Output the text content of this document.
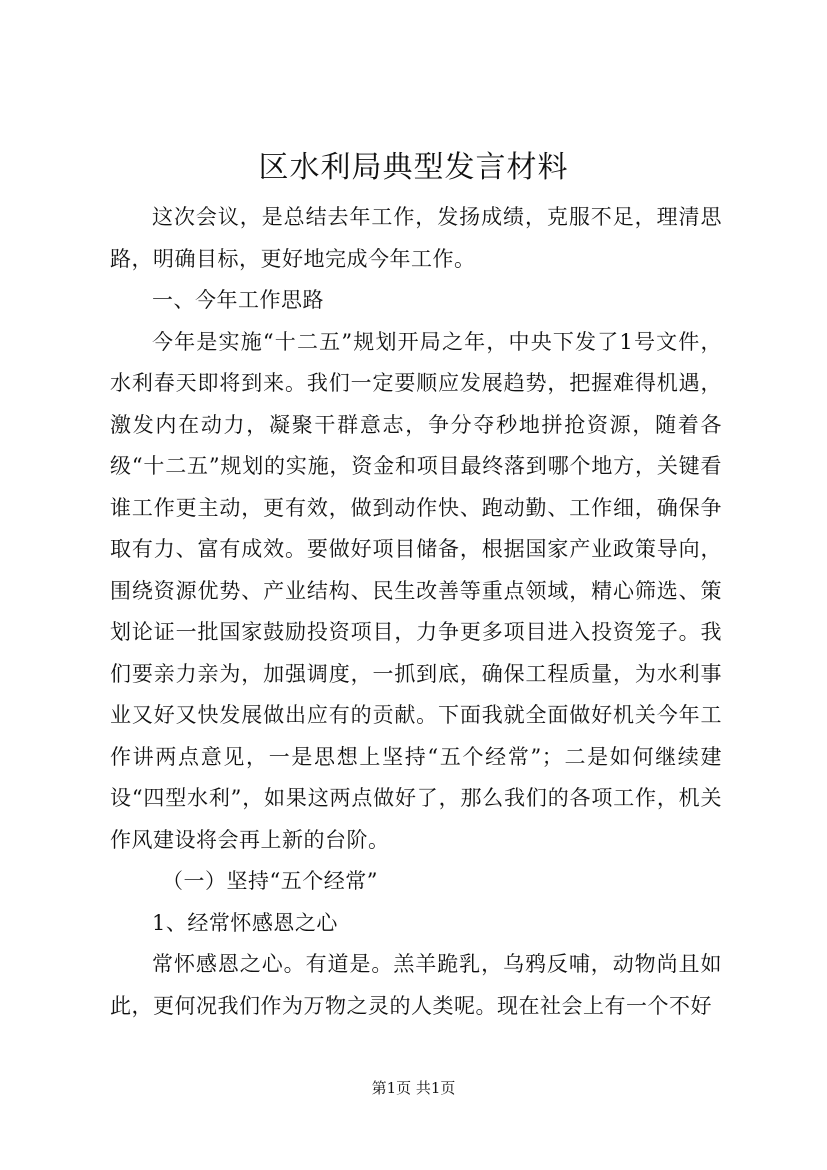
区水利局典型发言材料

这次会议，是总结去年工作，发扬成绩，克服不足，理清思路，明确目标，更好地完成今年工作。

一、今年工作思路

今年是实施“十二五”规划开局之年，中央下发了1号文件，水利春天即将到来。我们一定要顺应发展趋势，把握难得机遇，激发内在动力，凝聚干群意志，争分夺秒地拼抢资源，随着各级“十二五”规划的实施，资金和项目最终落到哪个地方，关键看谁工作更主动，更有效，做到动作快、跑动勤、工作细，确保争取有力、富有成效。要做好项目储备，根据国家产业政策导向，围绕资源优势、产业结构、民生改善等重点领域，精心筛选、策划论证一批国家鼓励投资项目，力争更多项目进入投资笼子。我们要亲力亲为，加强调度，一抓到底，确保工程质量，为水利事业又好又快发展做出应有的贡献。下面我就全面做好机关今年工作讲两点意见，一是思想上坚持“五个经常”；二是如何继续建设“四型水利”，如果这两点做好了，那么我们的各项工作，机关作风建设将会再上新的台阶。

（一）坚持“五个经常”

1、经常怀感恩之心

常怀感恩之心。有道是。羔羊跪乳，乌鸦反哺，动物尚且如此，更何况我们作为万物之灵的人类呢。现在社会上有一个不好

第1页 共1页
